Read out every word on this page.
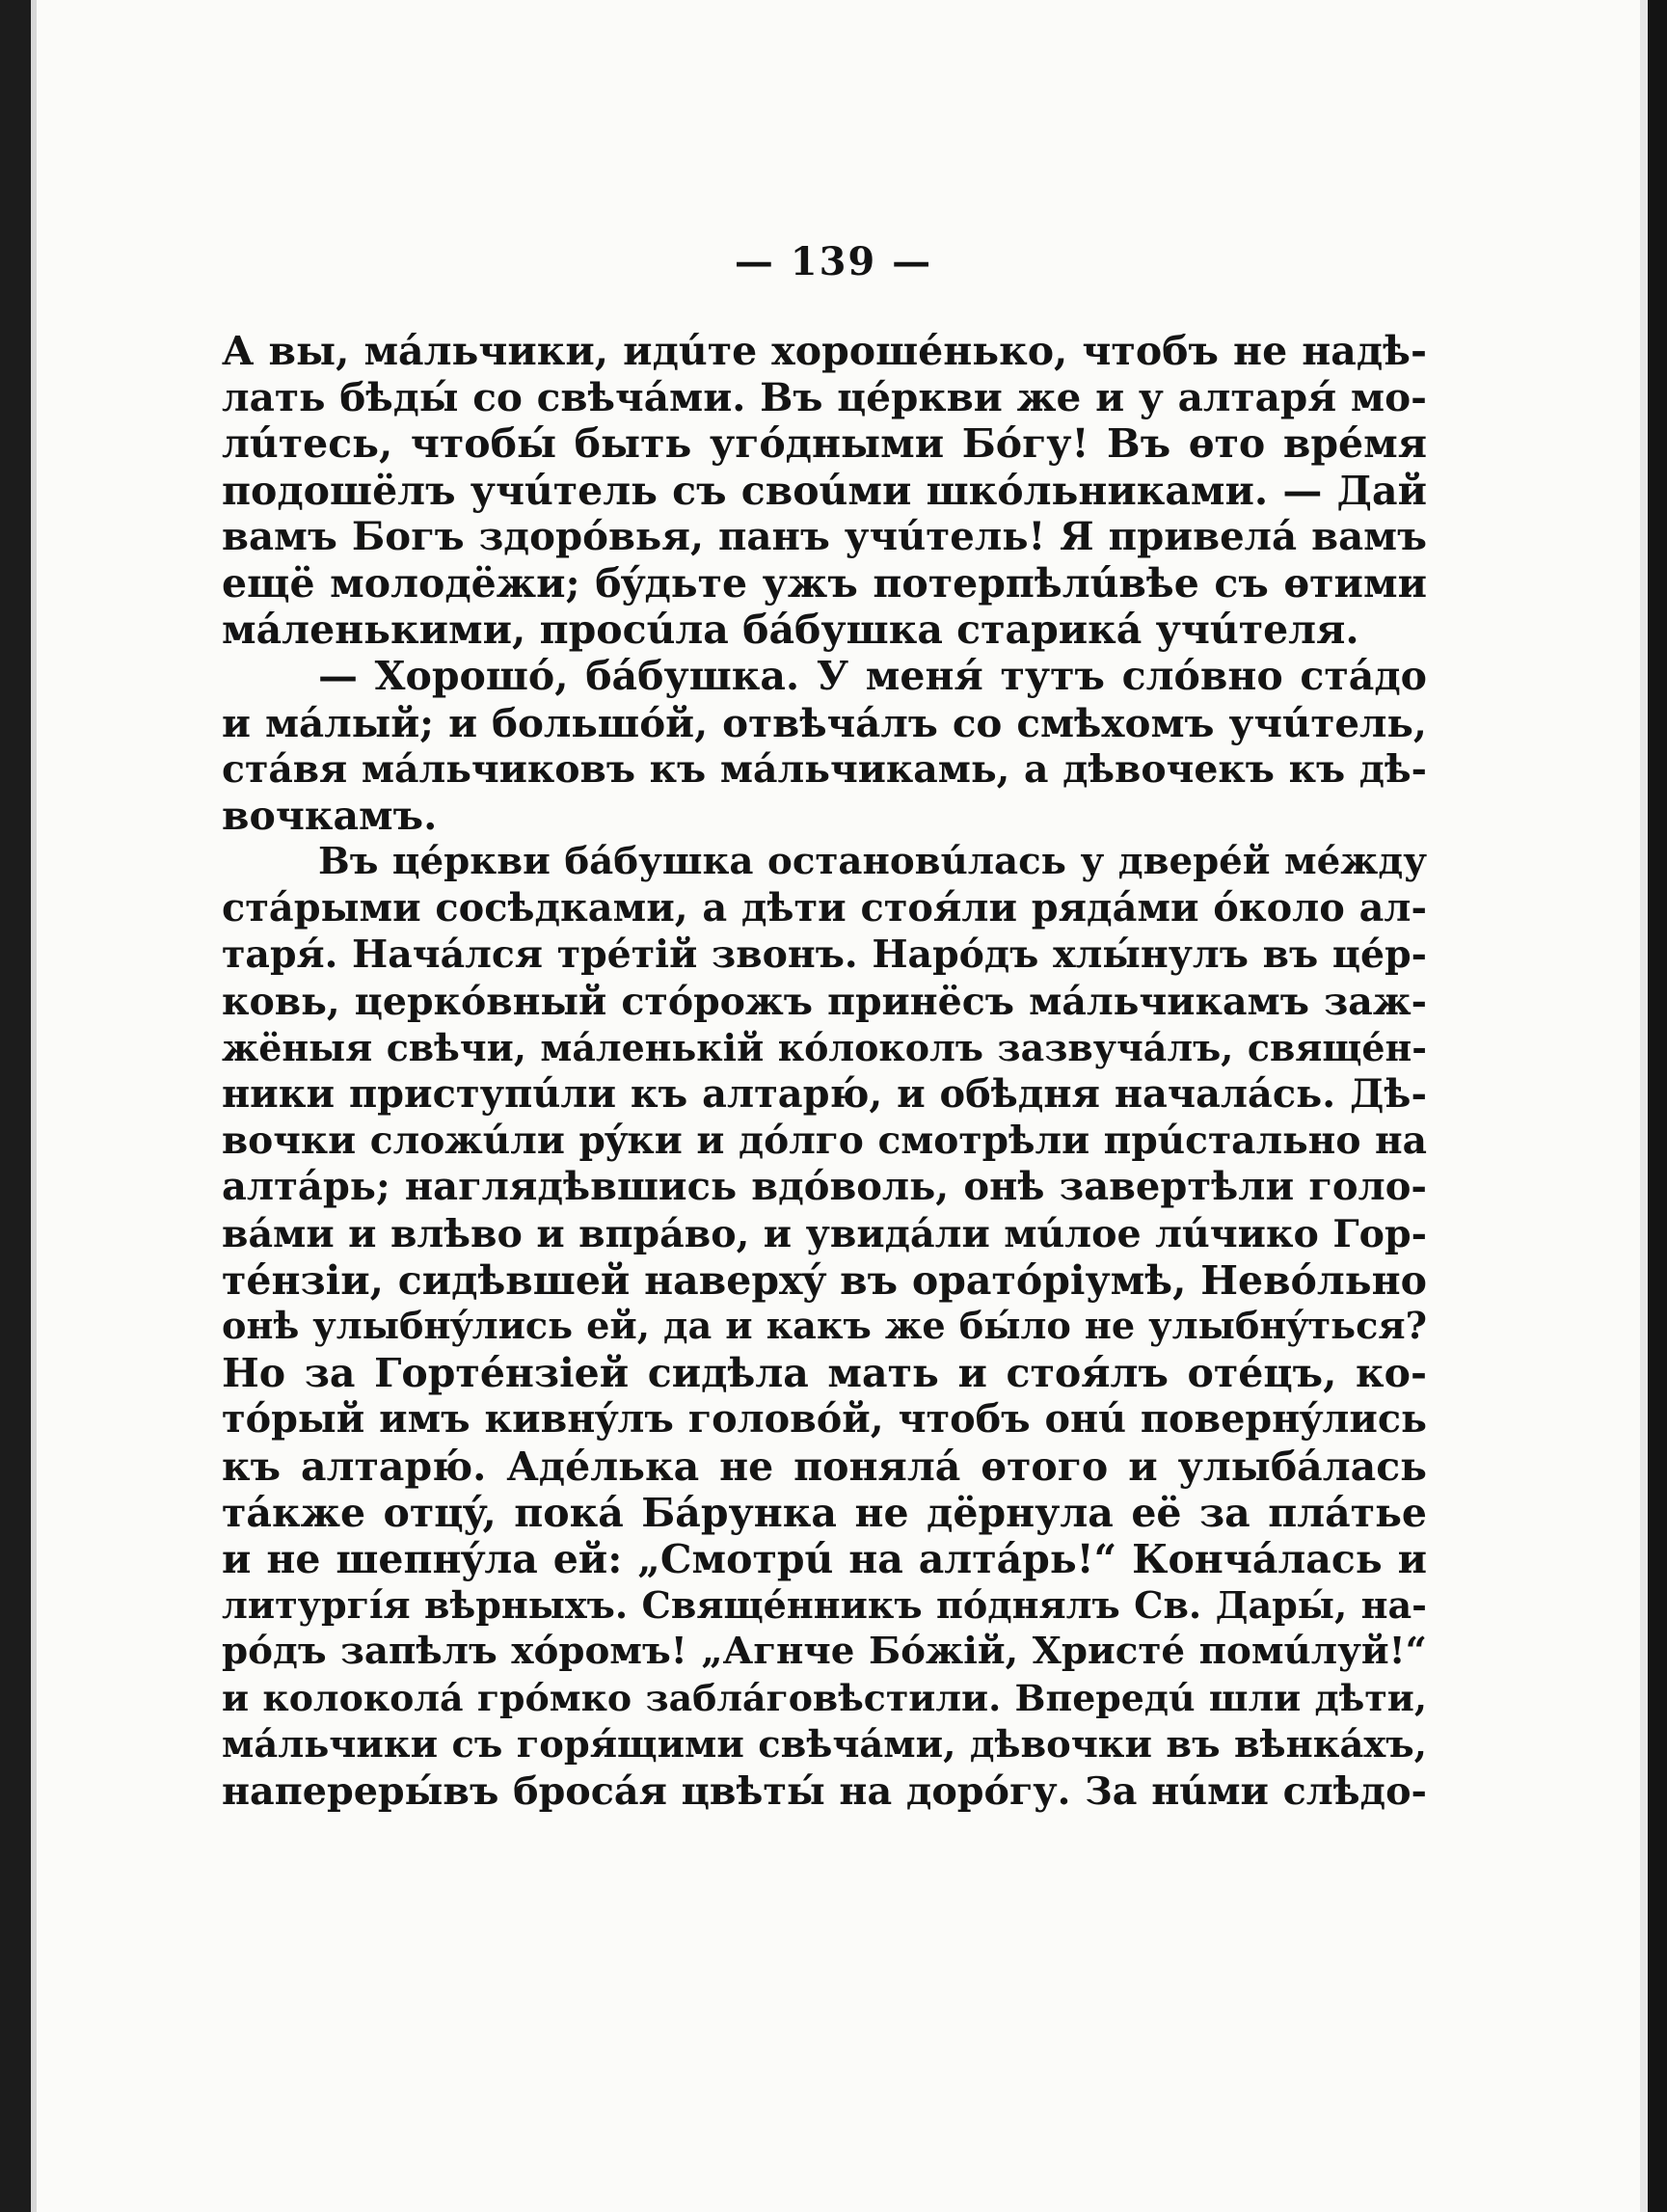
— 139 —
А вы, мáльчики, идúте хорошéнько, чтобъ не надѣ-
лать бѣды́ со свѣчáми. Въ цéркви же и у алтаря́ мо-
лúтесь, чтобы́ быть угóдными Бóгу! Въ ѳто врéмя
подошёлъ учúтель съ своúми шкóльниками. — Дай
вамъ Богъ здорóвья, панъ учúтель! Я привелá вамъ
ещё молодёжи; бýдьте ужъ потерпѣлúвѣе съ ѳтими
мáленькими, просúла бáбушка старикá учúтеля.
— Хорошó, бáбушка. У меня́ тутъ слóвно стáдо
и мáлый; и большóй, отвѣчáлъ со смѣхомъ учúтель,
стáвя мáльчиковъ къ мáльчикамь, а дѣвочекъ къ дѣ-
вочкамъ.
Въ цéркви бáбушка остановúлась у дверéй мéжду
стáрыми сосѣдками, а дѣти стоя́ли рядáми óколо ал-
таря́. Начáлся трéтій звонъ. Нарóдъ хлы́нулъ въ цéр-
ковь, церкóвный стóрожъ принёсъ мáльчикамъ заж-
жёныя свѣчи, мáленькій кóлоколъ зазвучáлъ, свящéн-
ники приступúли къ алтарю́, и обѣдня началáсь. Дѣ-
вочки сложúли рýки и дóлго смотрѣли прúстально на
алтáрь; наглядѣвшись вдóволь, онѣ завертѣли голо-
вáми и влѣво и впрáво, и увидáли мúлое лúчико Гор-
тéнзіи, сидѣвшей наверхý въ оратóріумѣ, Невóльно
онѣ улыбнýлись ей, да и какъ же бы́ло не улыбнýться?
Но за Гортéнзіей сидѣла мать и стоя́лъ отéцъ, ко-
тóрый имъ кивнýлъ головóй, чтобъ онú повернýлись
къ алтарю́. Адéлька не понялá ѳтого и улыбáлась
тáкже отцý, покá Бáрунка не дёрнула её за плáтье
и не шепнýла ей: „Смотрú на алтáрь!“ Кончáлась и
литургíя вѣрныхъ. Свящéнникъ пóднялъ Св. Дары́, на-
рóдъ запѣлъ хóромъ! „Агнче Бóжій, Христé помúлуй!“
и колоколá грóмко заблáговѣстили. Впередú шли дѣти,
мáльчики съ горя́щими свѣчáми, дѣвочки въ вѣнкáхъ,
напереры́въ бросáя цвѣты́ на дорóгу. За нúми слѣдо-
